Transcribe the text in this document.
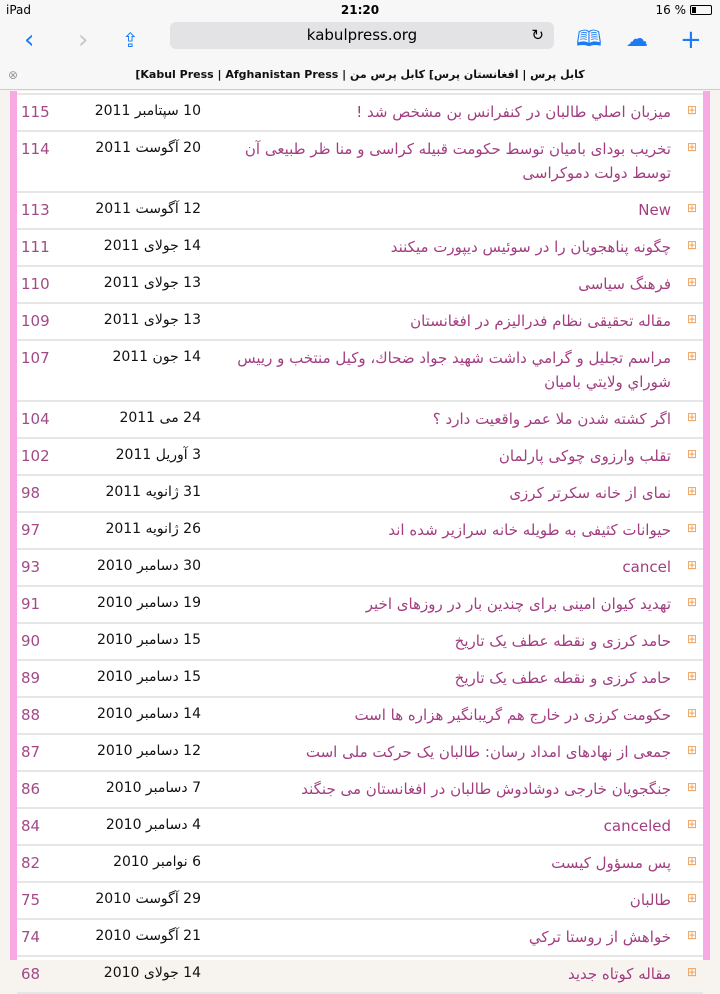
iPad	21:20	16 %
‹ › ⇪	kabulpress.org	↻ 🕮 ☁ +
⊗	کابل پرس | افغانستان پرس] کابل پرس من | Kabul Press | Afghanistan Press]
115	10 سپتامبر 2011	ميزبان اصلي طالبان در كنفرانس بن مشخص شد !	⊞
114	20 آگوست 2011	تخریب بودای بامیان توسط حکومت قبیله کراسی و منا ظر طبیعی آن توسط دولت دموکراسی
⊞
113	12 آگوست 2011	New	⊞
111	14 جولای 2011	چگونه پناهجویان را در سوئیس دیپورت میکنند	⊞
110	13 جولای 2011	فرهنگ سیاسی	⊞
109	13 جولای 2011	مقاله تحقیقی نظام فدرالیزم در افغانستان	⊞
107	14 جون 2011	مراسم تجليل و گرامي داشت شهيد جواد ضحاك، وكيل منتخب و رييس شوراي ولايتي باميان
⊞
104	24 می 2011	اگر کشته شدن ملا عمر واقعیت دارد ؟	⊞
102	3 آوریل 2011	تقلب وارزوی چوکی پارلمان	⊞
98	31 ژانویه 2011	نمای از خانه سکرتر کرزی	⊞
97	26 ژانویه 2011	حیوانات کثیفی به طویله خانه سرازیر شده اند	⊞
93	30 دسامبر 2010	cancel	⊞
91	19 دسامبر 2010	تهدید کیوان امینی برای چندین بار در روزهای اخیر	⊞
90	15 دسامبر 2010	حامد کرزی و نقطه عطف یک تاریخ	⊞
89	15 دسامبر 2010	حامد کرزی و نقطه عطف یک تاریخ	⊞
88	14 دسامبر 2010	حکومت کرزی در خارج هم گریبانگیر هزاره ها است	⊞
87	12 دسامبر 2010	جمعی از نهادهای امداد رسان: طالبان یک حرکت ملی است	⊞
86	7 دسامبر 2010	جنگجویان خارجی دوشادوش طالبان در افغانستان می جنگند	⊞
84	4 دسامبر 2010	canceled	⊞
82	6 نوامبر 2010	پس مسؤول کیست	⊞
75	29 آگوست 2010	طالبان	⊞
74	21 آگوست 2010	خواهش از روستا تركي	⊞
68	14 جولای 2010	مقاله کوتاه جدید	⊞
